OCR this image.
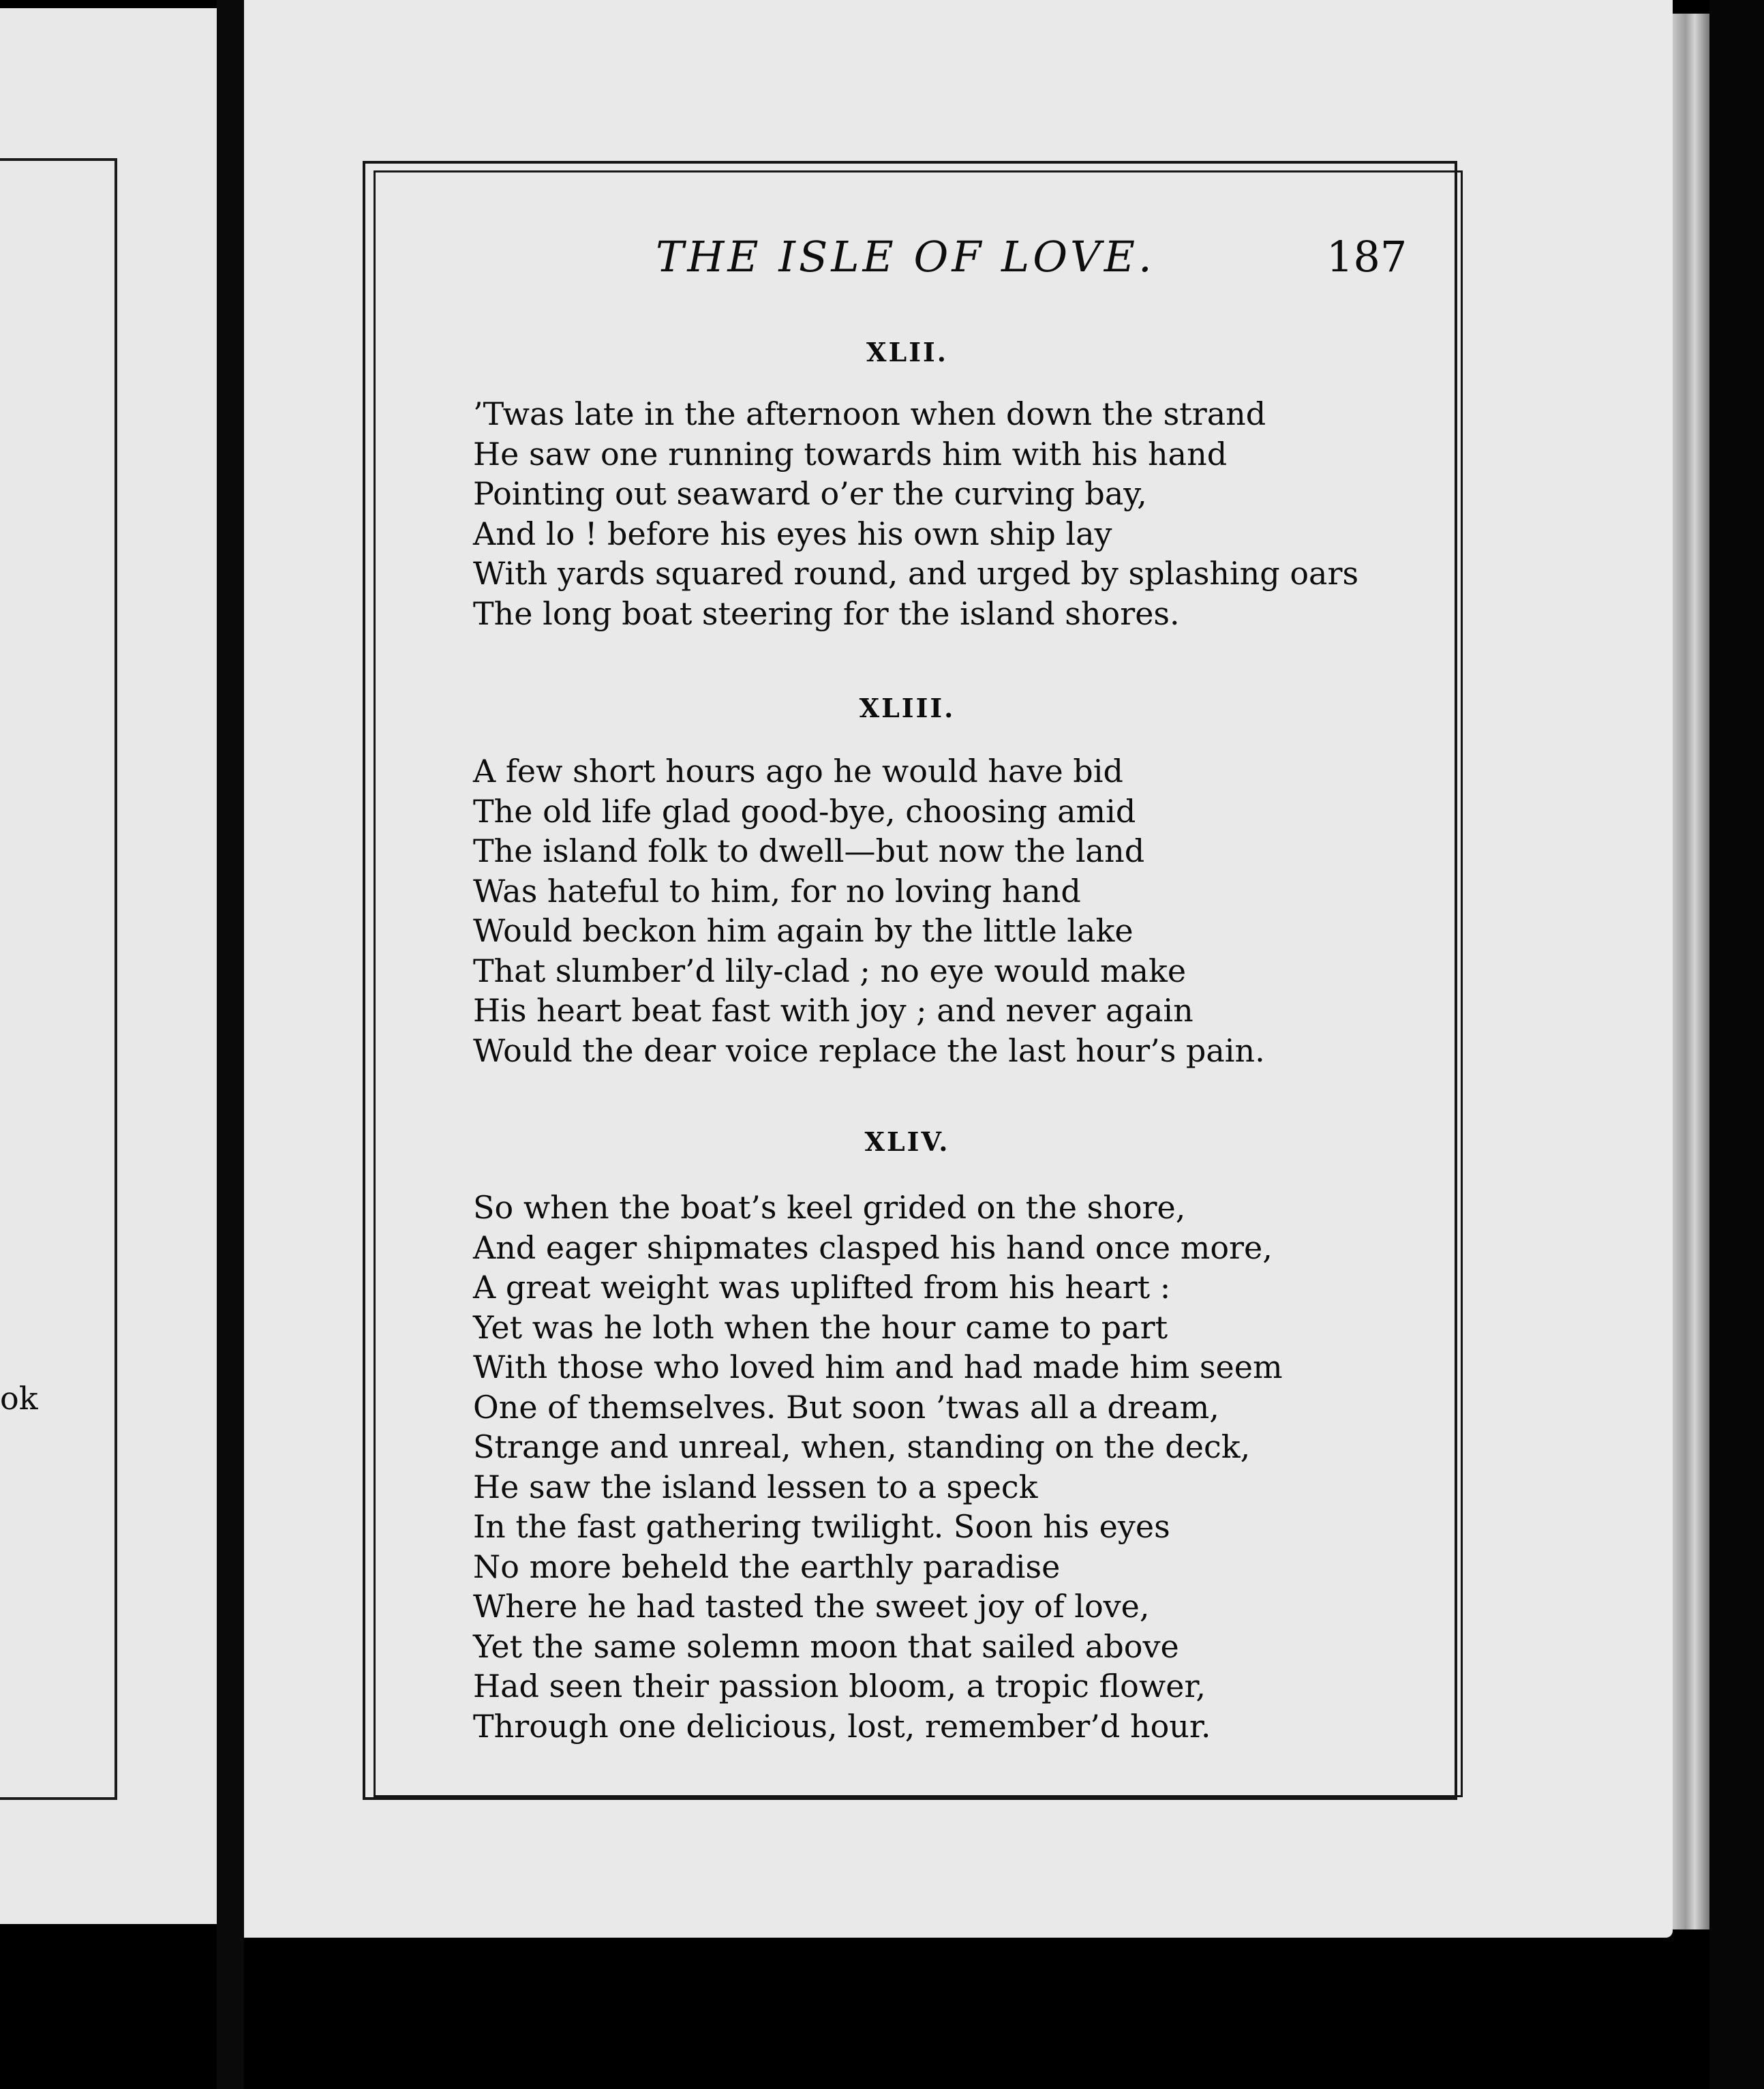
ok
THE ISLE OF LOVE.	187
XLII.
’Twas late in the afternoon when down the strand
He saw one running towards him with his hand
Pointing out seaward o’er the curving bay,
And lo ! before his eyes his own ship lay
With yards squared round, and urged by splashing oars
The long boat steering for the island shores.
XLIII.
A few short hours ago he would have bid
The old life glad good-bye, choosing amid
The island folk to dwell—but now the land
Was hateful to him, for no loving hand
Would beckon him again by the little lake
That slumber’d lily-clad ; no eye would make
His heart beat fast with joy ; and never again
Would the dear voice replace the last hour’s pain.
XLIV.
So when the boat’s keel grided on the shore,
And eager shipmates clasped his hand once more,
A great weight was uplifted from his heart :
Yet was he loth when the hour came to part
With those who loved him and had made him seem
One of themselves. But soon ’twas all a dream,
Strange and unreal, when, standing on the deck,
He saw the island lessen to a speck
In the fast gathering twilight. Soon his eyes
No more beheld the earthly paradise
Where he had tasted the sweet joy of love,
Yet the same solemn moon that sailed above
Had seen their passion bloom, a tropic flower,
Through one delicious, lost, remember’d hour.
